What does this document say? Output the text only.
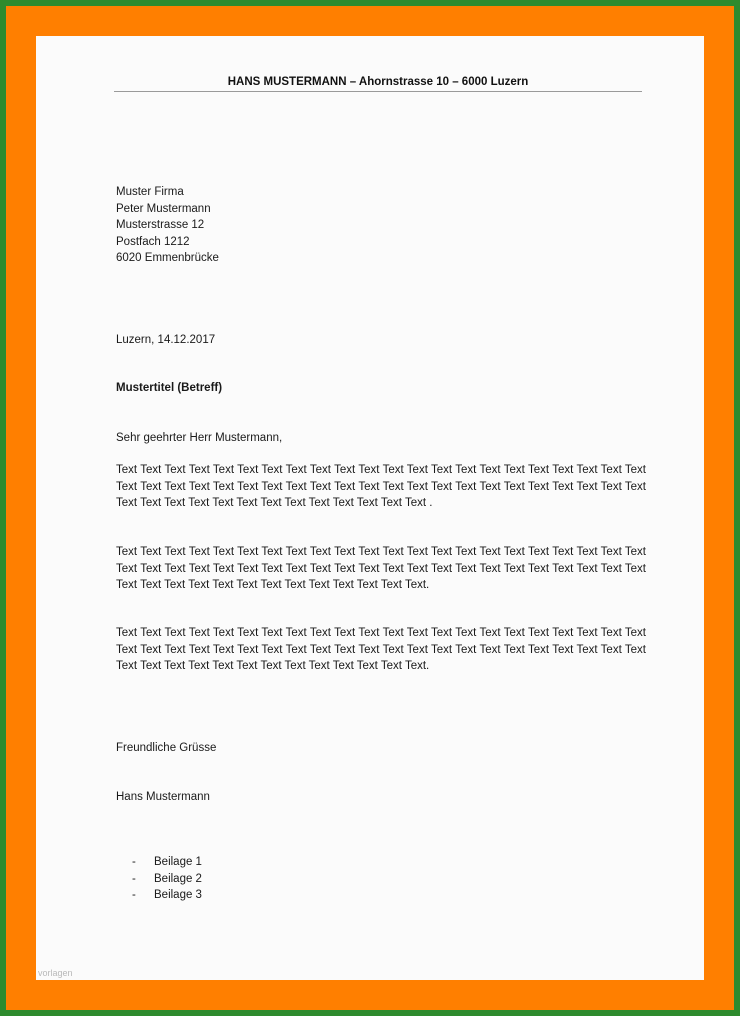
HANS MUSTERMANN – Ahornstrasse 10 – 6000 Luzern
Muster Firma
Peter Mustermann
Musterstrasse 12
Postfach 1212
6020 Emmenbrücke
Luzern, 14.12.2017
Mustertitel (Betreff)
Sehr geehrter Herr Mustermann,
Text Text Text Text Text Text Text Text Text Text Text Text Text Text Text Text Text Text Text Text Text Text Text Text Text Text Text Text Text Text Text Text Text Text Text Text Text Text Text Text Text Text Text Text Text Text Text Text Text Text Text Text Text Text Text Text Text .
Text Text Text Text Text Text Text Text Text Text Text Text Text Text Text Text Text Text Text Text Text Text Text Text Text Text Text Text Text Text Text Text Text Text Text Text Text Text Text Text Text Text Text Text Text Text Text Text Text Text Text Text Text Text Text Text Text.
Text Text Text Text Text Text Text Text Text Text Text Text Text Text Text Text Text Text Text Text Text Text Text Text Text Text Text Text Text Text Text Text Text Text Text Text Text Text Text Text Text Text Text Text Text Text Text Text Text Text Text Text Text Text Text Text Text.
Freundliche Grüsse
Hans Mustermann
- Beilage 1
- Beilage 2
- Beilage 3
vorlagen
